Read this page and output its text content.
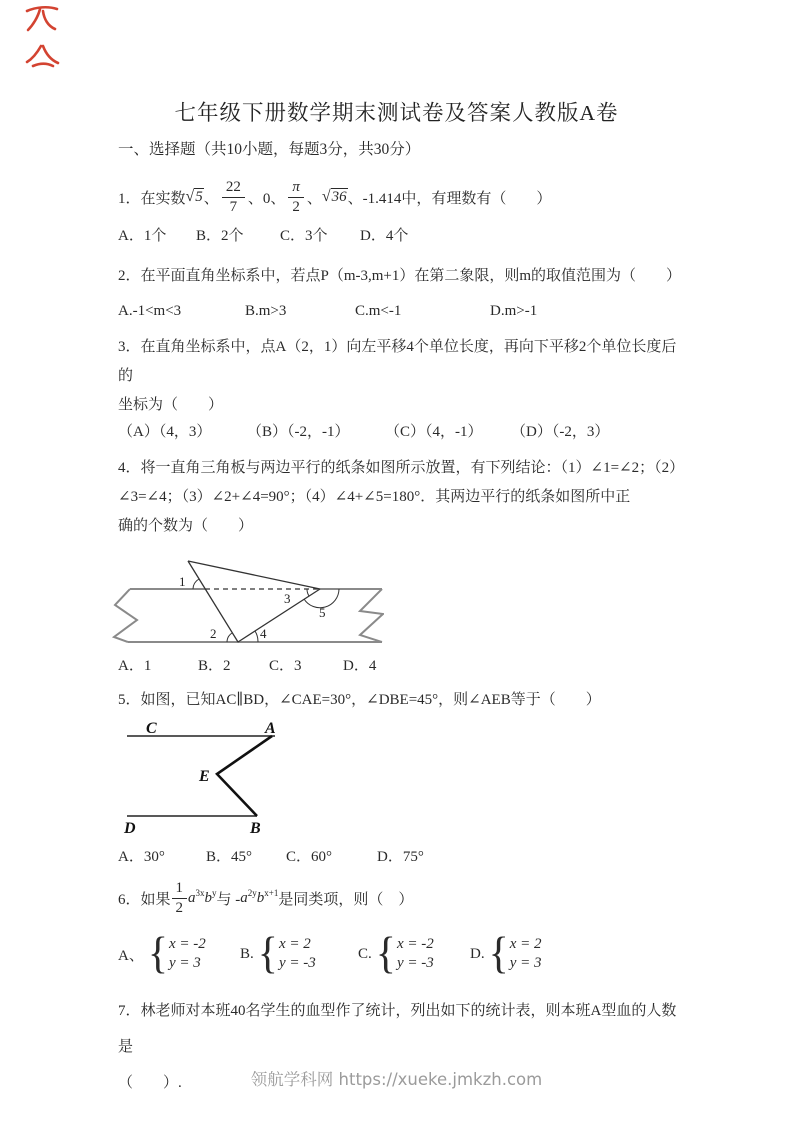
七年级下册数学期末测试卷及答案人教版A卷
一、选择题（共10小题，每题3分，共30分）
1．在实数 √5 、 $\frac{22}{7}$ 、0、 $\frac{\pi}{2}$ 、 √36 、-1.414中，有理数有（　　）
A．1个	B．2个	C．3个	D．4个
2．在平面直角坐标系中，若点P（m-3,m+1）在第二象限，则m的取值范围为（　　）
A.-1<m<3	B.m>3	C.m<-1	D.m>-1
3．在直角坐标系中，点A（2，1）向左平移4个单位长度，再向下平移2个单位长度后的
坐标为（　　）
（A）（4，3）	（B）（-2，-1）	（C）（4，-1）	（D）（-2，3）
4．将一直角三角板与两边平行的纸条如图所示放置，有下列结论：（1）∠1=∠2；（2）
∠3=∠4；（3）∠2+∠4=90°；（4）∠4+∠5=180°．其两边平行的纸条如图所中正
确的个数为（　　）
1
2
3
4
5
A．1	B．2	C．3	D．4
5．如图，已知AC∥BD，∠CAE=30°，∠DBE=45°，则∠AEB等于（　　）
C	A
E
D	B
A．30°	B．45°	C．60°	D．75°
6．如果 $\frac{1}{2} a^{3x}b^y$ 与 - $a^{2y}b^{x+1}$ 是同类项，则（　）
A、 { x = -2
y = 3
B. { x = 2
y = -3
C. { x = -2
y = -3
D. { x = 2
y = 3
7．林老师对本班40名学生的血型作了统计，列出如下的统计表，则本班A型血的人数是
（　　）.	领航学科网 https://xueke.jmkzh.com
